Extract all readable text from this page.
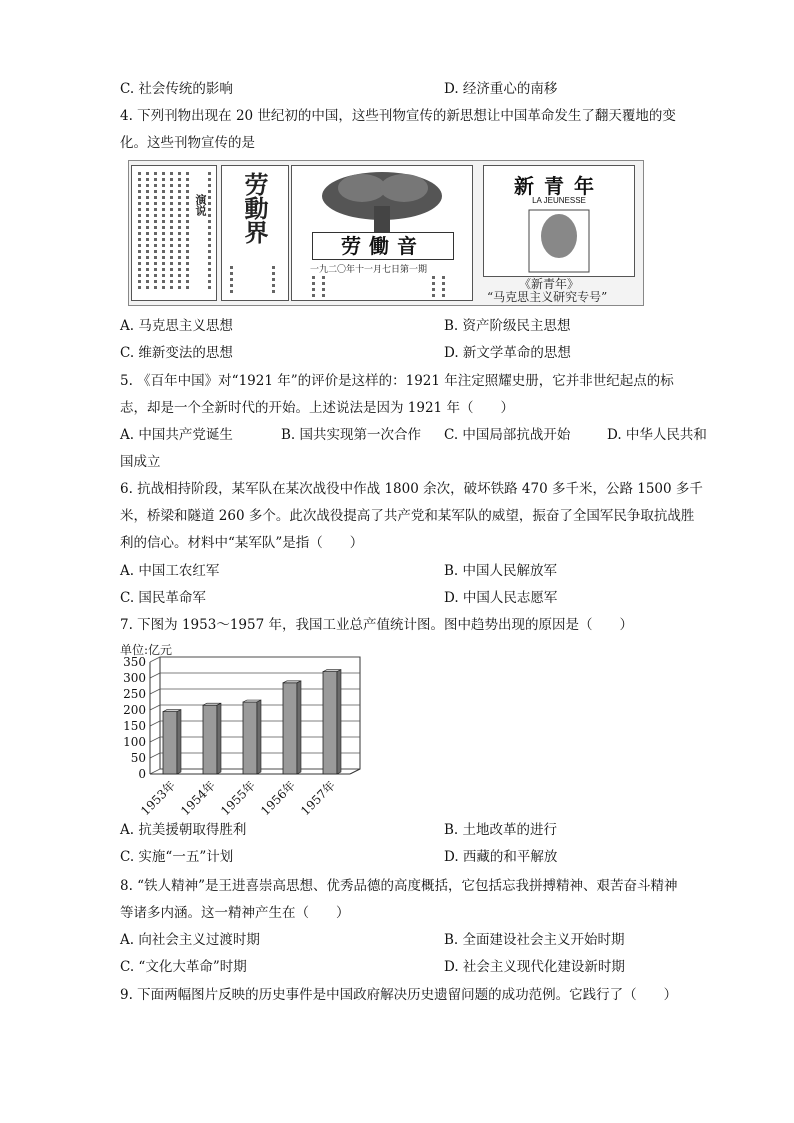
C. 社会传统的影响	D. 经济重心的南移
4. 下列刊物出现在 20 世纪初的中国，这些刊物宣传的新思想让中国革命发生了翻天覆地的变
化。这些刊物宣传的是
演说 劳動界
劳働音
一九二〇年十一月七日第一期
新青年
LA JEUNESSE
《新青年》
“马克思主义研究专号”
A. 马克思主义思想	B. 资产阶级民主思想
C. 维新变法的思想	D. 新文学革命的思想
5. 《百年中国》对“1921 年”的评价是这样的：1921 年注定照耀史册，它并非世纪起点的标
志，却是一个全新时代的开始。上述说法是因为 1921 年（　　）
A. 中国共产党诞生	B. 国共实现第一次合作 C. 中国局部抗战开始	D. 中华人民共和
国成立
6. 抗战相持阶段，某军队在某次战役中作战 1800 余次，破坏铁路 470 多千米，公路 1500 多千
米，桥梁和隧道 260 多个。此次战役提高了共产党和某军队的威望，振奋了全国军民争取抗战胜
利的信心。材料中“某军队”是指（　　）
A. 中国工农红军	B. 中国人民解放军
C. 国民革命军	D. 中国人民志愿军
7. 下图为 1953～1957 年，我国工业总产值统计图。图中趋势出现的原因是（　　）
单位:亿元
0
50
100
150
200
250
300
350
1953年 1954年 1955年 1956年 1957年
A. 抗美援朝取得胜利	B. 土地改革的进行
C. 实施“一五”计划	D. 西藏的和平解放
8. “铁人精神”是王进喜崇高思想、优秀品德的高度概括，它包括忘我拼搏精神、艰苦奋斗精神
等诸多内涵。这一精神产生在（　　）
A. 向社会主义过渡时期	B. 全面建设社会主义开始时期
C. “文化大革命”时期	D. 社会主义现代化建设新时期
9. 下面两幅图片反映的历史事件是中国政府解决历史遗留问题的成功范例。它践行了（　　）
